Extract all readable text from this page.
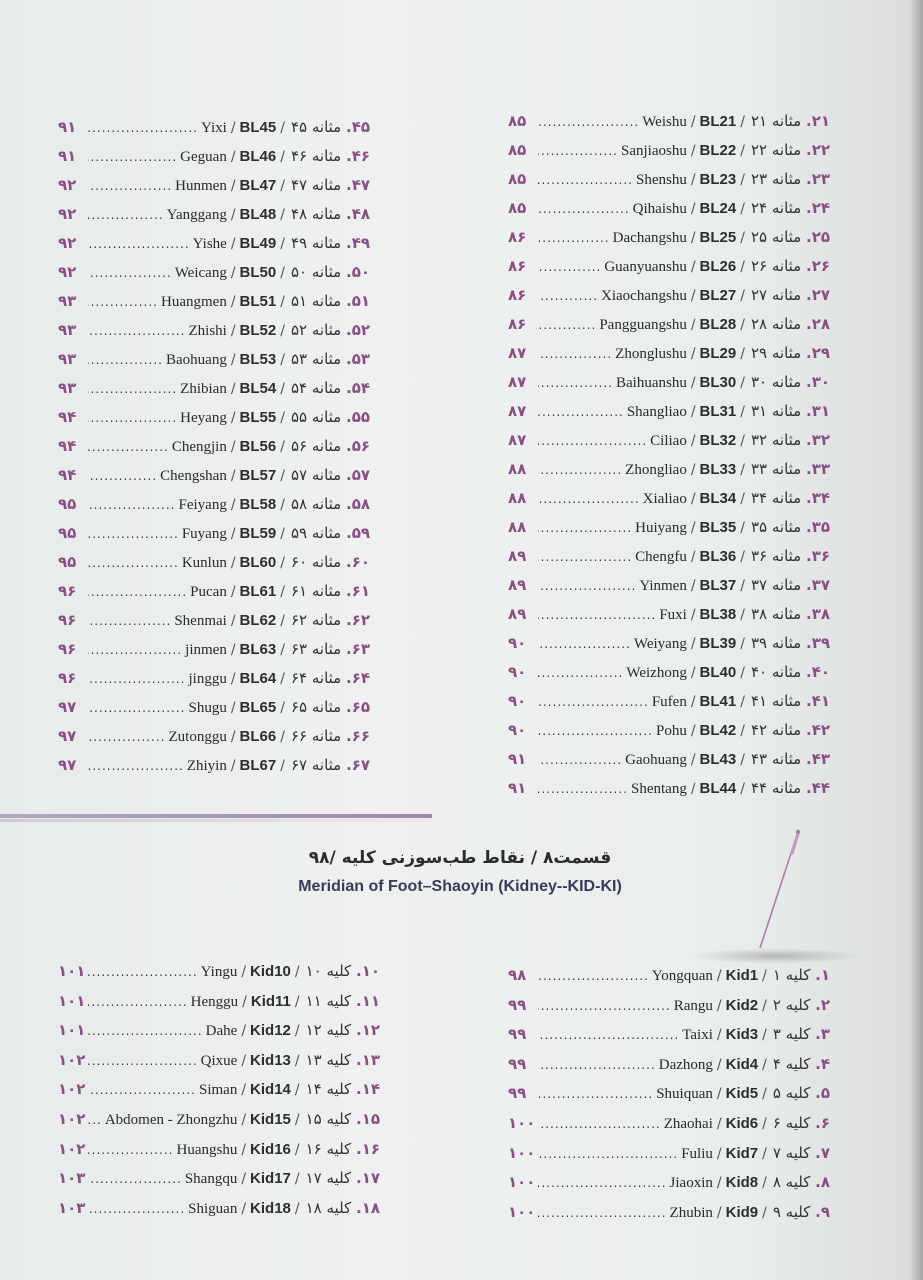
۹۱ .....	Yixi / BL45 /	۴۵. مثانه ۴۵
۹۱ .....	Geguan / BL46 /	۴۶. مثانه ۴۶
۹۲ .....	Hunmen / BL47 /	۴۷. مثانه ۴۷
۹۲ .....	Yanggang / BL48 /	۴۸. مثانه ۴۸
۹۲ .....	Yishe / BL49 /	۴۹. مثانه ۴۹
۹۲ .....	Weicang / BL50 /	۵۰. مثانه ۵۰
۹۳ .....	Huangmen / BL51 /	۵۱. مثانه ۵۱
۹۳ .....	Zhishi / BL52 /	۵۲. مثانه ۵۲
۹۳ .....	Baohuang / BL53 /	۵۳. مثانه ۵۳
۹۳ .....	Zhibian / BL54 /	۵۴. مثانه ۵۴
۹۴ .....	Heyang / BL55 /	۵۵. مثانه ۵۵
۹۴ .....	Chengjin / BL56 /	۵۶. مثانه ۵۶
۹۴ .....	Chengshan / BL57 /	۵۷. مثانه ۵۷
۹۵ .....	Feiyang / BL58 /	۵۸. مثانه ۵۸
۹۵ .....	Fuyang / BL59 /	۵۹. مثانه ۵۹
۹۵ .....	Kunlun / BL60 /	۶۰. مثانه ۶۰
۹۶ .....	Pucan / BL61 /	۶۱. مثانه ۶۱
۹۶ .....	Shenmai / BL62 /	۶۲. مثانه ۶۲
۹۶ .....	jinmen / BL63 /	۶۳. مثانه ۶۳
۹۶ .....	jinggu / BL64 /	۶۴. مثانه ۶۴
۹۷ .....	Shugu / BL65 /	۶۵. مثانه ۶۵
۹۷ .....	Zutonggu / BL66 /	۶۶. مثانه ۶۶
۹۷ .....	Zhiyin / BL67 /	۶۷. مثانه ۶۷
۸۵ .....	Weishu / BL21 /	۲۱. مثانه ۲۱
۸۵ .....	Sanjiaoshu / BL22 /	۲۲. مثانه ۲۲
۸۵ .....	Shenshu / BL23 /	۲۳. مثانه ۲۳
۸۵ .....	Qihaishu / BL24 /	۲۴. مثانه ۲۴
۸۶ .....	Dachangshu / BL25 /	۲۵. مثانه ۲۵
۸۶ .....	Guanyuanshu / BL26 /	۲۶. مثانه ۲۶
۸۶ .....	Xiaochangshu / BL27 /	۲۷. مثانه ۲۷
۸۶ .....	Pangguangshu / BL28 /	۲۸. مثانه ۲۸
۸۷ .....	Zhonglushu / BL29 /	۲۹. مثانه ۲۹
۸۷ .....	Baihuanshu / BL30 /	۳۰. مثانه ۳۰
۸۷ .....	Shangliao / BL31 /	۳۱. مثانه ۳۱
۸۷ .....	Ciliao / BL32 /	۳۲. مثانه ۳۲
۸۸ .....	Zhongliao / BL33 /	۳۳. مثانه ۳۳
۸۸ .....	Xialiao / BL34 /	۳۴. مثانه ۳۴
۸۸ .....	Huiyang / BL35 /	۳۵. مثانه ۳۵
۸۹ .....	Chengfu / BL36 /	۳۶. مثانه ۳۶
۸۹ .....	Yinmen / BL37 /	۳۷. مثانه ۳۷
۸۹ .....	Fuxi / BL38 /	۳۸. مثانه ۳۸
۹۰ .....	Weiyang / BL39 /	۳۹. مثانه ۳۹
۹۰ .....	Weizhong / BL40 /	۴۰. مثانه ۴۰
۹۰ .....	Fufen / BL41 /	۴۱. مثانه ۴۱
۹۰ .....	Pohu / BL42 /	۴۲. مثانه ۴۲
۹۱ .....	Gaohuang / BL43 /	۴۳. مثانه ۴۳
۹۱ .....	Shentang / BL44 /	۴۴. مثانه ۴۴
قسمت۸ / نقاط طب‌سوزنی کلیه /۹۸
Meridian of Foot–Shaoyin (Kidney--KID-KI)
۱۰۱ .....	Yingu / Kid10 /	۱۰. کلیه ۱۰
۱۰۱ .....	Henggu / Kid11 /	۱۱. کلیه ۱۱
۱۰۱ .....	Dahe / Kid12 /	۱۲. کلیه ۱۲
۱۰۲ .....	Qixue / Kid13 /	۱۳. کلیه ۱۳
۱۰۲ .....	Siman / Kid14 /	۱۴. کلیه ۱۴
۱۰۲ ..... Abdomen - Zhongzhu / Kid15 /	۱۵. کلیه ۱۵
۱۰۲ .....	Huangshu / Kid16 /	۱۶. کلیه ۱۶
۱۰۳ .....	Shangqu / Kid17 /	۱۷. کلیه ۱۷
۱۰۳ .....	Shiguan / Kid18 /	۱۸. کلیه ۱۸
۹۸ .....	Yongquan / Kid1 /	۱. کلیه ۱
۹۹ .....	Rangu / Kid2 /	۲. کلیه ۲
۹۹ .....	Taixi / Kid3 /	۳. کلیه ۳
۹۹ .....	Dazhong / Kid4 /	۴. کلیه ۴
۹۹ .....	Shuiquan / Kid5 /	۵. کلیه ۵
۱۰۰ .....	Zhaohai / Kid6 /	۶. کلیه ۶
۱۰۰ .....	Fuliu / Kid7 /	۷. کلیه ۷
۱۰۰ .....	Jiaoxin / Kid8 /	۸. کلیه ۸
۱۰۰ .....	Zhubin / Kid9 /	۹. کلیه ۹
